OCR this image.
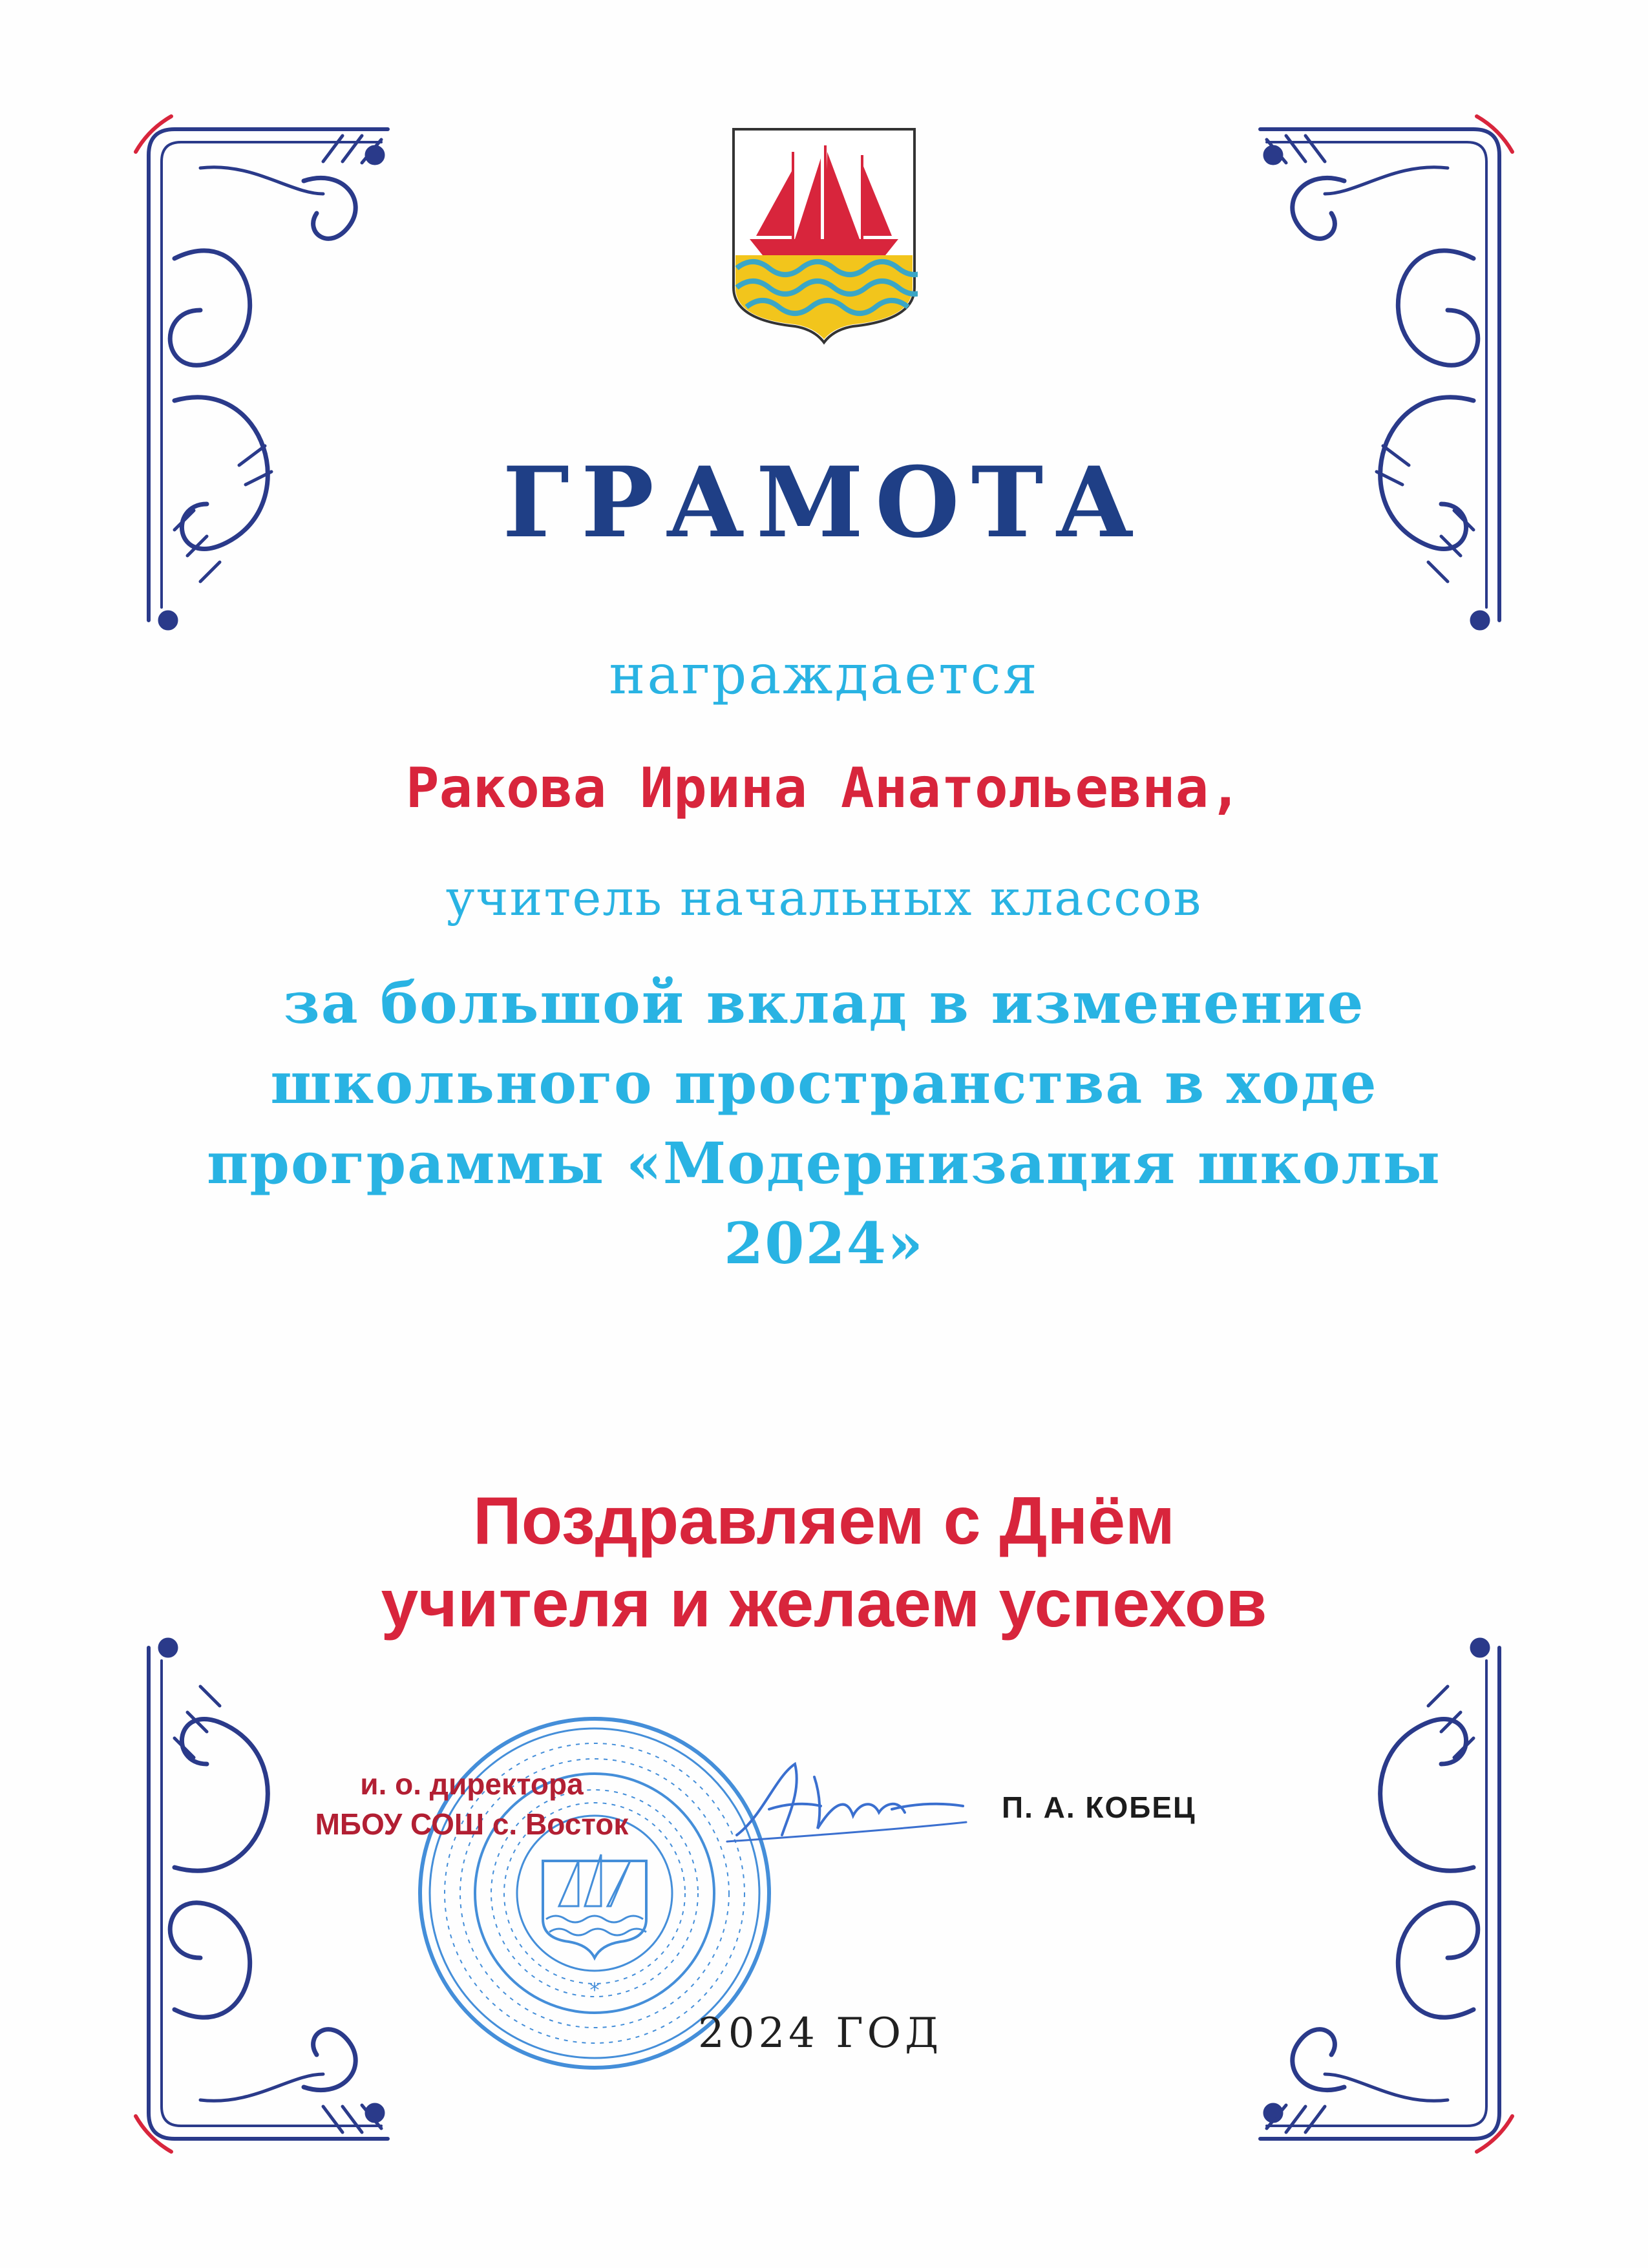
ГРАМОТА
награждается
Ракова Ирина Анатольевна,
учитель начальных классов
за большой вклад в изменение
школьного пространства в ходе
программы «Модернизация школы
2024»
Поздравляем с Днём
учителя и желаем успехов
*
и. о. директора
МБОУ СОШ с. Восток	П. А. КОБЕЦ
2024 ГОД
